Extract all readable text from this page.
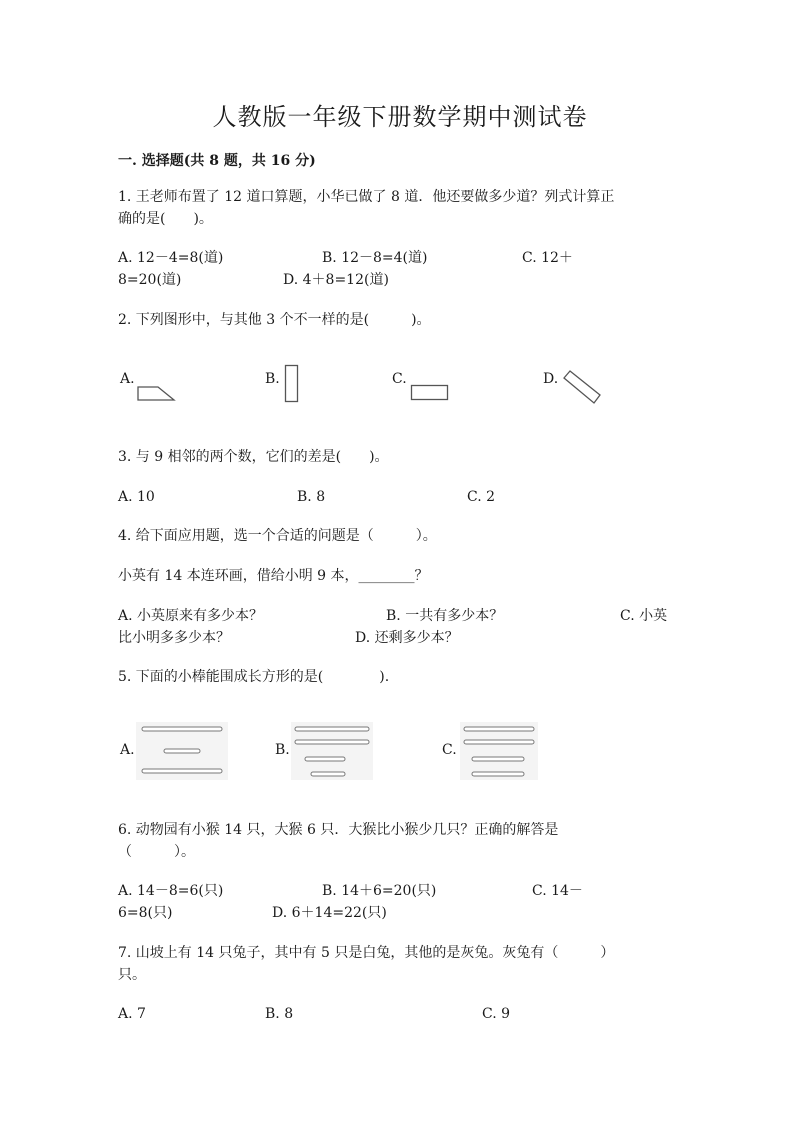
人教版一年级下册数学期中测试卷
一. 选择题(共 8 题，共 16 分)
1. 王老师布置了 12 道口算题，小华已做了 8 道．他还要做多少道？列式计算正
确的是(　　)。
A. 12－4=8(道)	B. 12－8=4(道)	C. 12＋
8=20(道)	D. 4＋8=12(道)
2. 下列图形中，与其他 3 个不一样的是(　　　)。
A.	B.	C.	D.
3. 与 9 相邻的两个数，它们的差是(　　)。
A. 10	B. 8	C. 2
4. 给下面应用题，选一个合适的问题是（　　　）。
小英有 14 本连环画，借给小明 9 本，________？
A. 小英原来有多少本？	B. 一共有多少本？	C. 小英
比小明多多少本？	D. 还剩多少本？
5. 下面的小棒能围成长方形的是(　　　　).
A.	B.	C.
6. 动物园有小猴 14 只，大猴 6 只．大猴比小猴少几只？正确的解答是
（　　　）。
A. 14－8=6(只)	B. 14＋6=20(只)	C. 14－
6=8(只)	D. 6＋14=22(只)
7. 山坡上有 14 只兔子，其中有 5 只是白兔，其他的是灰兔。灰兔有（　　　）
只。
A. 7	B. 8	C. 9
